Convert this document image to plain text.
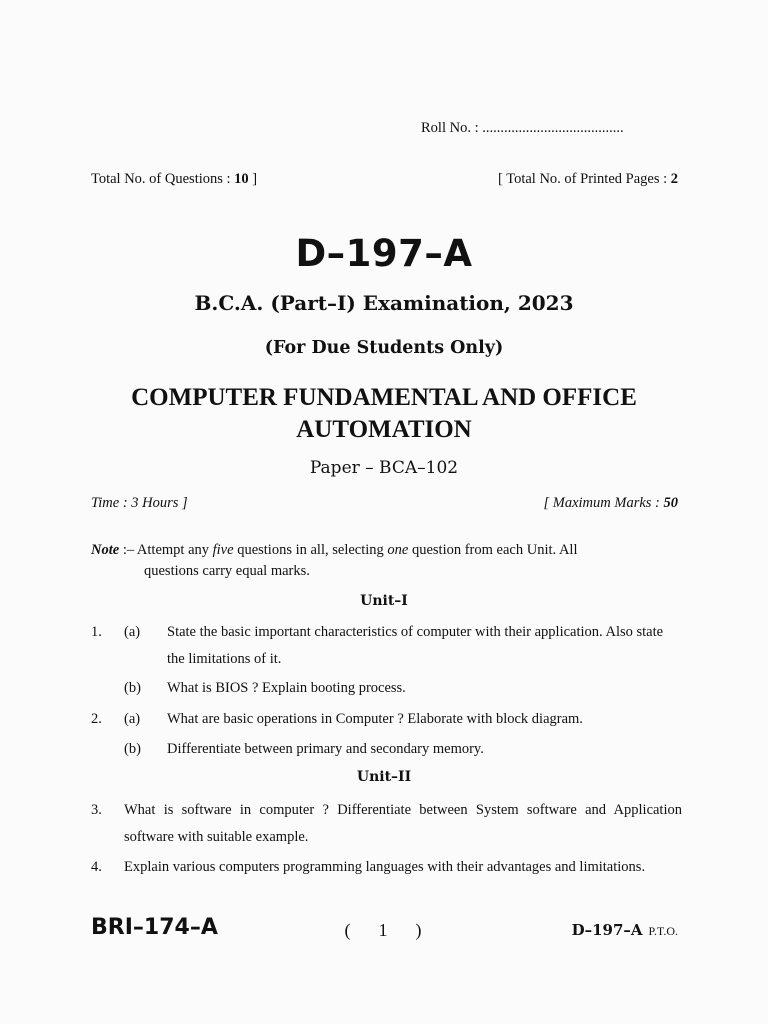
Roll No. : .......................................
Total No. of Questions : 10 ]	[ Total No. of Printed Pages : 2
D–197–A
B.C.A. (Part–I) Examination, 2023
(For Due Students Only)
COMPUTER FUNDAMENTAL AND OFFICE AUTOMATION
Paper – BCA–102
Time : 3 Hours ]	[ Maximum Marks : 50
Note :– Attempt any five questions in all, selecting one question from each Unit. All
questions carry equal marks.
Unit–I
1. (a) State the basic important characteristics of computer with their application. Also state the limitations of it.
(b) What is BIOS ? Explain booting process.
2. (a) What are basic operations in Computer ? Elaborate with block diagram.
(b) Differentiate between primary and secondary memory.
Unit–II
3. What is software in computer ? Differentiate between System software and Application software with suitable example.
4. Explain various computers programming languages with their advantages and limitations.
BRI–174–A	(    1    )	D–197–A P.T.O.
